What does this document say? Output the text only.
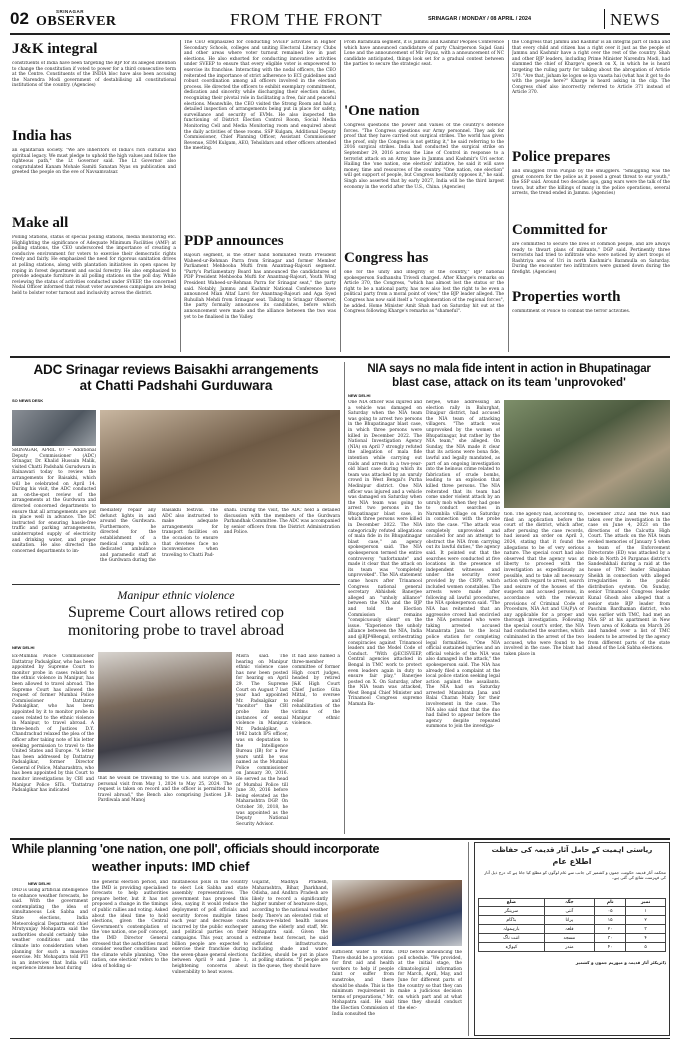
02	SRINAGAR
OBSERVER	FROM THE FRONT	SRINAGAR / MONDAY / 08 APRIL / 2024	NEWS
J&K integral
constituents of India have been targeting the BJP for its alleged intention to change the constitution if voted to power for a third consecutive term at the Centre. Constituents of the INDIA bloc have also been accusing the Narendra Modi government of destabilising all constitutional institutions of the country. (Agencies)
India has
an egalitarian society. "We are inheritors of India's rich cultural and spiritual legacy. We must pledge to uphold the high values and follow the righteous path," the Lt Governor said. The Lt Governor also congratulated Kanam Mohale Samiti Sanatan Nyas on publication and greeted the people on the eve of Navsamvatsar.
Make all
Polling Stations, status of special polling stations, media monitoring etc. Highlighting the significance of Adequate Minimum Facilities (AMF) at polling stations, the CEO underscored the importance of creating a conducive environment for voters to exercise their democratic rights freely and fairly. He emphasized the need for rigorous sanitation drives at polling stations, along with plantation initiatives in open spaces by roping in forest department and social forestry. He also emphasized to provide adequate furniture in all polling stations on the poll day. While reviewing the status of activities conducted under SVEEP, the concerned Nodal Officer informed that robust voter awareness campaigns are being held to bolster voter turnout and inclusivity across the district.
The CEO emphasized for conducting SVEEP activities in Higher Secondary Schools, colleges and uniting Electoral Literacy Clubs and other areas where voter turnout remained low in past elections. He also exhorted for conducting innovative activities under SVEEP to ensure that every eligible voter is empowered to exercise its franchise. Interacting with the nodal officers, the CEO reiterated the importance of strict adherence to ECI guidelines and robust coordination among all officers involved in the election process. He directed the officers to exhibit exemplary commitment, dedication and sincerity while discharging their election duties, recognizing their pivotal role in facilitating a free, fair and peaceful elections. Meanwhile, the CEO visited the Strong Room and had a detailed inspection of arrangements being put in place for safety, surveillance and security of EVMs. He also inspected the functioning of District Election Control Room, Social Media Monitoring Cell and Media Monitoring room and enquired about the daily activities of these rooms. SSP Kulgam, Additional Deputy Commissioner, Chief Planning Officer, Assistant Commissioner Revenue, SDM Kulgam, AEO, Tehsildars and other officers attended the meeting.
PDP announces
Rajouri segment, is the other hand nominated Youth President Waheed-ur-Rehman Parra from Srinagar and former Member Parliament Mehbooba Mufti from Anantnag-Rajouri segment. "Party's Parliamentary Board has announced the candidatures of PDP President Mehbooba Mufti for Anantnag-Rajouri, Youth Wing President Waheed-ur-Rehman Parra for Srinagar seat," the party said. Notably, Jammu and Kashmir National Conference have announced Mian Altaf Larvi for Anantnag-Rajouri and Aga Syed Ruhullah Mehdi from Srinagar seat. Talking to Srinagar Observer, the party formally announces its candidates, before which announcement were made and the alliance between the two was yet to be finalised in the Valley.
From Baramulla segment, it is Jammu and Kashmir Peoples Conference which have announced candidature of party Chairperson Sajad Gani Lone and the announcement of Mir Fayaz, with a announcement of NC candidate anticipated, things look set for a gradual contest between the parties to secure the strategic seat.
'One nation
Congress questions the power and values of the country's defence forces. "The Congress questions our Army personnel. They ask for proof that they have carried out surgical strikes. The world has given the proof, only the Congress is not getting it," he said referring to the 2016 surgical strikes. India had conducted the surgical strike on September 29, 2016 across the Line of Control in response to a terrorist attack on an Army base in Jammu and Kashmir's Uri sector. Hailing the 'one nation, one election' initiative, he said it will save money, time and resources of the country. "One nation, one election" will get support of people, but Congress hesitantly opposes it," he said. Singh also asserted that by early 2027, India will be the third largest economy in the world after the U.S., China. (Agencies)
Congress has
one for the unity and integrity of the country," BJP national spokesperson Sudhanshu Trivedi charged. After Kharge's remarks on Article 370, the Congress, "which has almost lost the status or the right to be a national party, has now also lost the right to be even a political party from a moral point of view," the BJP leader alleged. The Congress has now said itself a "conglomeration of the regional forces", he added. Home Minister Amit Shah had on Saturday hit out at the Congress following Kharge's remarks as "shameful".
the Congress that Jammu and Kashmir is an integral part of India and that every child and citizen has a right over it just as the people of Jammu and Kashmir have a right over the rest of the country. Shah and other BJP leaders, including Prime Minister Narendra Modi, had slammed the chief of Kharge's speech on X, in which he is heard targeting the ruling party for talking about the abrogation of Article 370. "Are that, jisham ke logon se kya vaasta hai (what has it got to do with the people here?" Kharge is heard asking in the clip. The Congress chief also incorrectly referred to Article 371 instead of Article 370.
Police prepares
and smuggled from Punjab by the smugglers. "Smuggling was the great concern for the police as it posed a great threat to our youth," the SSP said. Around two decades ago, gang wars were the talk of the town, but after the killings of many in the police operations, several arrests, the trend ended in Jammu. (Agencies)
Committed for
are committed to secure the lives of common people, and are always ready to thwart plans of militants," DGP said. Pertinently three terrorists had tried to infiltrate who were noticed by alert troops of Rashtriya area of Uri in north Kashmir's Baramulla on Saturday. During the encounter two infiltrators were gunned down during the firefight. (Agencies)
Properties worth
commitment of Police to combat the terror activities.
ADC Srinagar reviews Baisakhi arrangements
at Chatti Padshahi Gurduwara
SO NEWS DESK
SRINAGAR, APRIL 07 – Additional Deputy Commissioner (ADC) Srinagar, Dr. Khalid Hussain Malik, visited Chatti Padshahi Gurudwara in Rainawari today to review the arrangements for Baisakhi, which will be celebrated on April 14. During his visit, the ADC conducted an on-the-spot review of the arrangements at the Gurdwara and directed concerned departments to ensure that all arrangements are put in place well in advance. The DC instructed for ensuring hassle-free traffic and parking arrangements, uninterrupted supply of electricity and drinking water, and proper sanitation. He also directed the concerned departments to im-
mediately repair any defunct lights in and around the Gurdwara. Furthermore, he directed for the establishment of a medical camp with a dedicated ambulance and paramedic staff at the Gurdwara during the
Baisakhi festival. The ADC also instructed to make adequate arrangements for transport facilities on the occasion to ensure that devotees face no inconvenience when traveling to Chatti Pad-
shahi. During the visit, the ADC held a detailed discussion with the members of the Gurdwara Parbandhak Committee. The ADC was accompanied by senior officers from the District Administration and Police.
Manipur ethnic violence
Supreme Court allows retired cop
monitoring probe to travel abroad
NEW DELHI
Ex-Mumbai Police Commissioner Dattatray Padsalgikar, who has been appointed by Supreme Court to monitor probe in cases related to the ethnic violence in Manipur, has been allowed to travel abroad. The Supreme Court has allowed the request of former Mumbai Police Commissioner Dattatray Padsalgikar, who has been appointed by it to monitor probe in cases related to the ethnic violence in Manipur, to travel abroad. A three-bench of Justices D.Y. Chandrachud relaxed the plea of the officer after taking note of his letter seeking permission to travel to the United States and Europe. "A letter has been addressed by Dattatray Padsalgikar, former Director General of Police, Maharashtra, who has been appointed by this Court to monitor investigations by CBI and Manipur Police SITs. "Dattatray Padsalgikar has indicated
that he would be travelling to the U.S. and Europe on a personal visit from May 1, 2024 to May 25, 2024. The request is taken on record and the officer is permitted to travel abroad," the Bench also comprising Justices J.B. Pardiwala and Manoj
Misra said. The hearing on Manipur ethnic violence case has now been posted for hearing on April 29. The Supreme Court on August 7 last year had appointed Mr. Padsalgikar to "monitor" the CBI probe into the instances of sexual violence in Manipur. Mr. Padsalgikar, a 1982 batch IPS officer, was on deputation to the Intelligence Bureau (IB) for a few years until he was named as the Mumbai Police commissioner on January 30, 2016. He served as the head of Mumbai Police till June 30, 2016 before being elevated as the Maharashtra DGP. On October 30, 2018, he was appointed as the Deputy National Security Advisor.
It had also named a three-member committee of former High court judges, headed by retired J&K High Court Chief Justice Gita Mittal, to oversee relief and rehabilitation of the victims of the Manipur ethnic violence.
NIA says no mala fide intent in action in Bhupatinagar
blast case, attack on its team 'unprovoked'
NEW DELHI
One NIA officer was injured and a vehicle was damaged on Saturday when the NIA team was going to arrest two persons in the Bhupatinagar blast case, in which three persons were killed in December 2022. The National Investigation Agency (NIA) on April 7 strongly refuted the allegation of mala fide intention while carrying out raids and arrests in a two-year-old blast case during which its team was attacked by an unruly crowd in West Bengal's Purba Medinipur district. One NIA officer was injured and a vehicle was damaged on Saturday when the NIA team was going to arrest two persons in the Bhupatinagar blast case, in which three persons were killed in December 2022. The NIA categorically refuted allegations of mala fide in its Bhupatinagar blast case," an agency spokesperson said. The NIA spokesperson termed the entire controversy "unfortunate" and made it clear that the attack on its team was "completely unprovoked". The NIA statement came hours after Trinamool Congress national general secretary Abhishek Banerjee alleged an "unholy alliance" between the NIA and the BJP and told the Election Commission remains "conspicuously silent" on the issue. "Experience the unholy alliance between the NIA, India and @BJP4Bengal, orchestrating conspiracies against Trinamool leaders and the Model Code of Conduct. "With @ECISVEEP, Central agencies attacked in Bengal in TMC work to protect even leaders again in duty to ensure fair play," Banerjee posted on X. On Saturday, after the NIA team was attacked, West Bengal Chief Minister and Trinamool Congress supremo Mamata Ba-
nerjee, while addressing an election rally in Balurghat, Dinajpur district, had accused the NIA team of attacking villagers. "The attack was unprovoked by the women of Bhupatinagar, but rather by the NIA team," she alleged. On Sunday, the NIA made it clear that its actions were bona fide, lawful and legally mandated, as part of an ongoing investigation into the heinous crime related to fabrication of crude bombs, leading to an explosion that killed three persons. The NIA reiterated that its team had come under violent attack by an unruly mob when they had gone to conduct searches in Narumbila village on Saturday in connection with the probe into the case. "The attack was completely unprovoked and uncalled for and an attempt to obstruct the NIA from carrying out its lawful duties," the agency said. It pointed out that the searches were conducted at five locations in the presence of independent witnesses and under the security cover provided by the CRPF, which included women constables. The arrests were made after following all lawful procedures, the NIA spokesperson said. "The NIA has reiterated that an aggressive crowd had encircled the NIA personnel who were taking arrested accused Manabrata Jana to the local police station for completing legal formalities. "One NIA official sustained injuries and an official vehicle of the NIA was also damaged in the attack," the spokesperson said. The NIA has already filed a complaint at the local police station seeking legal action against the assailants. The NIA had on Saturday arrested Manabrata Jana and Balai Charan Maity for their involvement in the case. The NIA also said that that the duo had failed to appear before the agency despite repeated summons to join the investiga-
tion. The agency had, according to, filed an application before the court of the district, which after, after perusing the case records, had issued an order on April 3, 2024, stating that it found the allegations to be of very serious nature. The special court had also observed that the agency was at liberty to proceed with the investigation as expeditiously as possible, and to take all necessary action with regard to arrest, search and seizure of the houses of the suspects and accused persons, in accordance with the relevant provisions of Criminal Code of Procedure, NIA Act and UA(P)A or any applicable for a proper and thorough investigation. Following the special court's order, the NIA had conducted the searches, which culminated in the arrest of the two accused, who were found to be involved in the case. The blast had taken place in
December 2022 and the NIA had taken over the investigation in the case on June 4, 2023 on the directions of the Calcutta High Court. The attack on the NIA team evoked memories of January 5 when a team of the Enforcement Directorate (ED) was attacked by a mob in North 24 Parganas district's Sandeshkhali during a raid at the house of TMC leader Shajahan Sheikh in connection with alleged irregularities in the public distribution system. On Sunday, senior Trinamool Congress leader Kunal Ghosh also alleged that a senior state BJP leader from Paschim Bardhaman district, who was earlier with TMC, had met an NIA SP at his apartment in New Town area of Kolkata on March 26 and handed over a list of TMC leaders to be arrested by the agency from different parts of the state ahead of the Lok Sabha elections.
While planning 'one nation, one poll', officials should incorporate
weather inputs: IMD chief
NEW DELHI
IMD is using artificial intelligence to enhance weather forecasts, he said. With the government contemplating the idea of simultaneous Lok Sabha and State elections, India Meteorological Department chief Mrutyunjay Mohapatra said the authorities should certainly take weather conditions and the climate into consideration when planning for such a massive exercise. Mr. Mohapatra told PTI in an interview that India will experience intense heat during
the general election period, and the IMD is providing specialised forecasts to help authorities prepare better, but it has not proposed a change in the timings of public rallies and voting. Asked about the ideal time to hold elections, given the Central Government's contemplation of the 'one nation, one poll' concept, the IMD Director General stressed that the authorities must consider weather conditions and the climate while planning. 'One nation, one election' refers to the idea of holding si-
multaneous polls in the country to elect Lok Sabha and state assembly representatives. The government has proposed this idea, saying it would reduce the deployment of poll officials and security forces multiple times each year and decrease costs incurred by the public exchequer and political parties on their campaigns. This year, around a billion people are expected to exercise their franchise during the seven-phase general elections between April 9 and June 1, heightening concerns about vulnerability to heat waves.
Gujarat, Madhya Pradesh, Maharashtra, Bihar, Jharkhand, Odisha, and Andhra Pradesh are likely to record a significantly higher number of heatwave days, according to the national weather body. There's an elevated risk of heatwave-related health issues among the elderly and staff, Mr. Mohapatra said. Given the extreme heat forecast, he said sufficient infrastructure, including shade and water facilities, should be put in place at polling stations. "If people are in the queue, they should have
sufficient water to drink. There should be a provision for first aid and health workers to help if people faint or suffer from sunstroke, and there should be shade. This is the minimum requirement in terms of preparations," Mr. Mohapatra said. He said the Election Commission of India consulted the
IMD before announcing the poll schedule. "We provided, at the initial stage, the climatological information for March, April, May, and June for different parts of the country so that they can make a judicious decision on which part and at what time they should conduct the elec-
ریاستی اہمیت کے حامل آثار قدیمہ کی حفاظت
اطلاع عام
محکمہ آثار قدیمہ حکومت جموں و کشمیر کی جانب سے عام لوگوں کو مطلع کیا جاتا ہے کہ درج ذیل آثار کی فہرست شائع کی گئی ہے۔
نمبر	نام	جگہ	ضلع
۱	۰۵	آنتی	سرینگر
۲	۱۵	پرانا	بڈگام
۳	۲۰	قلعہ	بارہمولہ
۴	۳۰	مسجد	اننت ناگ
۵	۴۰	مندر	کپواڑہ
ڈائریکٹر آثار قدیمہ و میوزیم جموں و کشمیر
